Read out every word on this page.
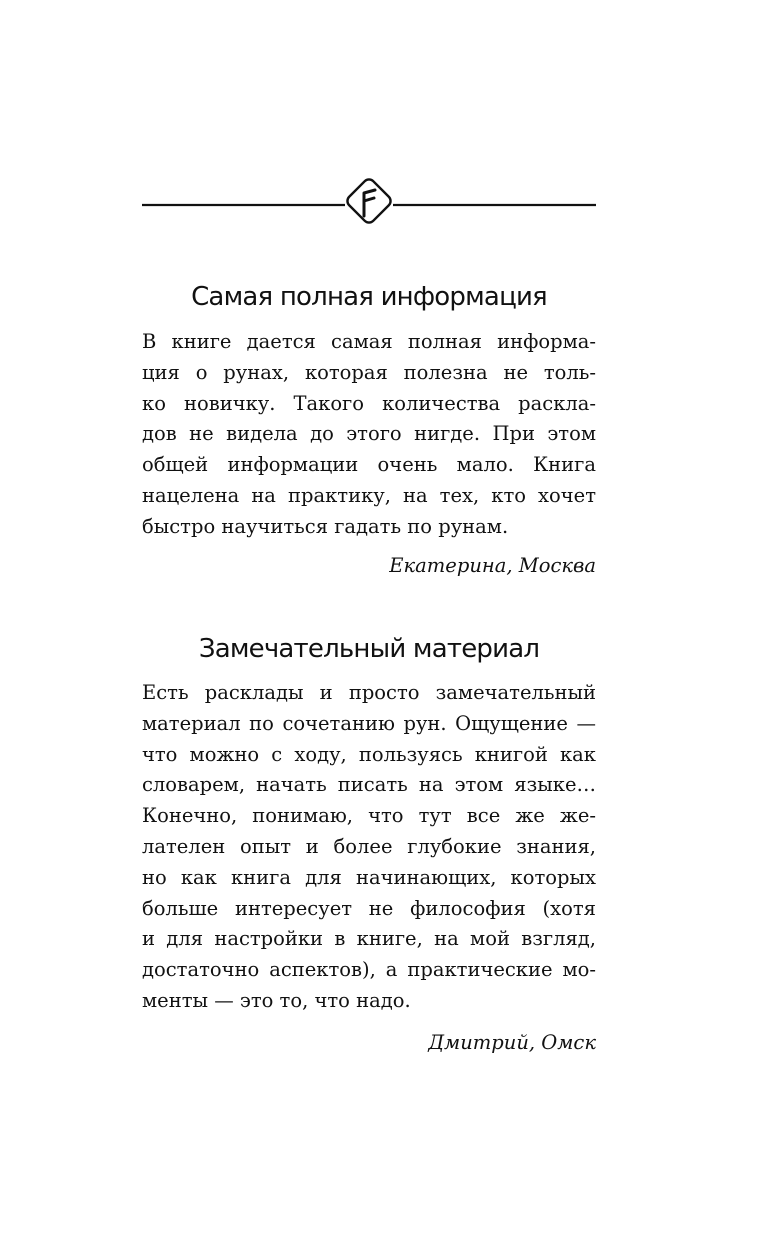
Самая полная информация
В книге дается самая полная информа-
ция о рунах, которая полезна не толь-
ко новичку. Такого количества раскла-
дов не видела до этого нигде. При этом
общей информации очень мало. Книга
нацелена на практику, на тех, кто хочет
быстро научиться гадать по рунам.
Екатерина, Москва
Замечательный материал
Есть расклады и просто замечательный
материал по сочетанию рун. Ощущение —
что можно с ходу, пользуясь книгой как
словарем, начать писать на этом языке…
Конечно, понимаю, что тут все же же-
лателен опыт и более глубокие знания,
но как книга для начинающих, которых
больше интересует не философия (хотя
и для настройки в книге, на мой взгляд,
достаточно аспектов), а практические мо-
менты — это то, что надо.
Дмитрий, Омск
